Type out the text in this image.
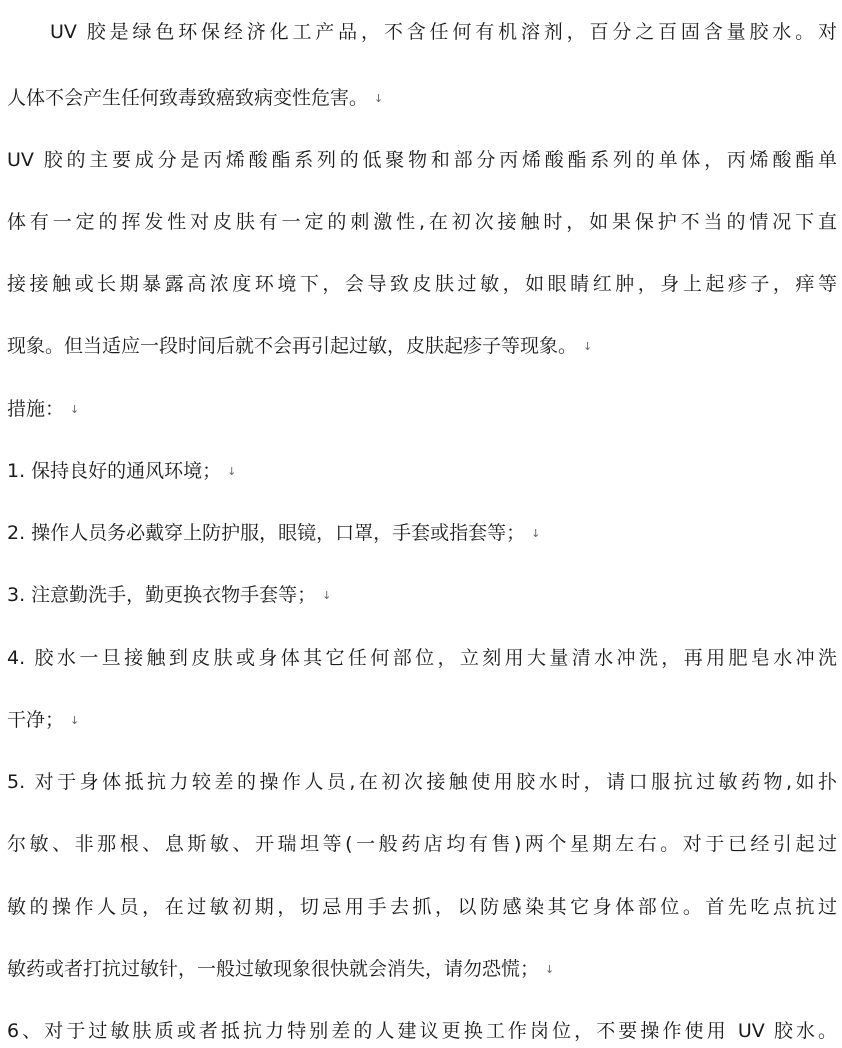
UV 胶是绿色环保经济化工产品，不含任何有机溶剂，百分之百固含量胶水。对
人体不会产生任何致毒致癌致病变性危害。 ↓
UV 胶的主要成分是丙烯酸酯系列的低聚物和部分丙烯酸酯系列的单体，丙烯酸酯单
体有一定的挥发性对皮肤有一定的刺激性,在初次接触时，如果保护不当的情况下直
接接触或长期暴露高浓度环境下，会导致皮肤过敏，如眼睛红肿，身上起疹子，痒等
现象。但当适应一段时间后就不会再引起过敏，皮肤起疹子等现象。 ↓
措施： ↓
1. 保持良好的通风环境； ↓
2. 操作人员务必戴穿上防护服，眼镜，口罩，手套或指套等； ↓
3. 注意勤洗手，勤更换衣物手套等； ↓
4. 胶水一旦接触到皮肤或身体其它任何部位，立刻用大量清水冲洗，再用肥皂水冲洗
干净； ↓
5. 对于身体抵抗力较差的操作人员,在初次接触使用胶水时，请口服抗过敏药物,如扑
尔敏、非那根、息斯敏、开瑞坦等(一般药店均有售)两个星期左右。对于已经引起过
敏的操作人员，在过敏初期，切忌用手去抓，以防感染其它身体部位。首先吃点抗过
敏药或者打抗过敏针，一般过敏现象很快就会消失，请勿恐慌； ↓
6、对于过敏肤质或者抵抗力特别差的人建议更换工作岗位，不要操作使用 UV 胶水。
